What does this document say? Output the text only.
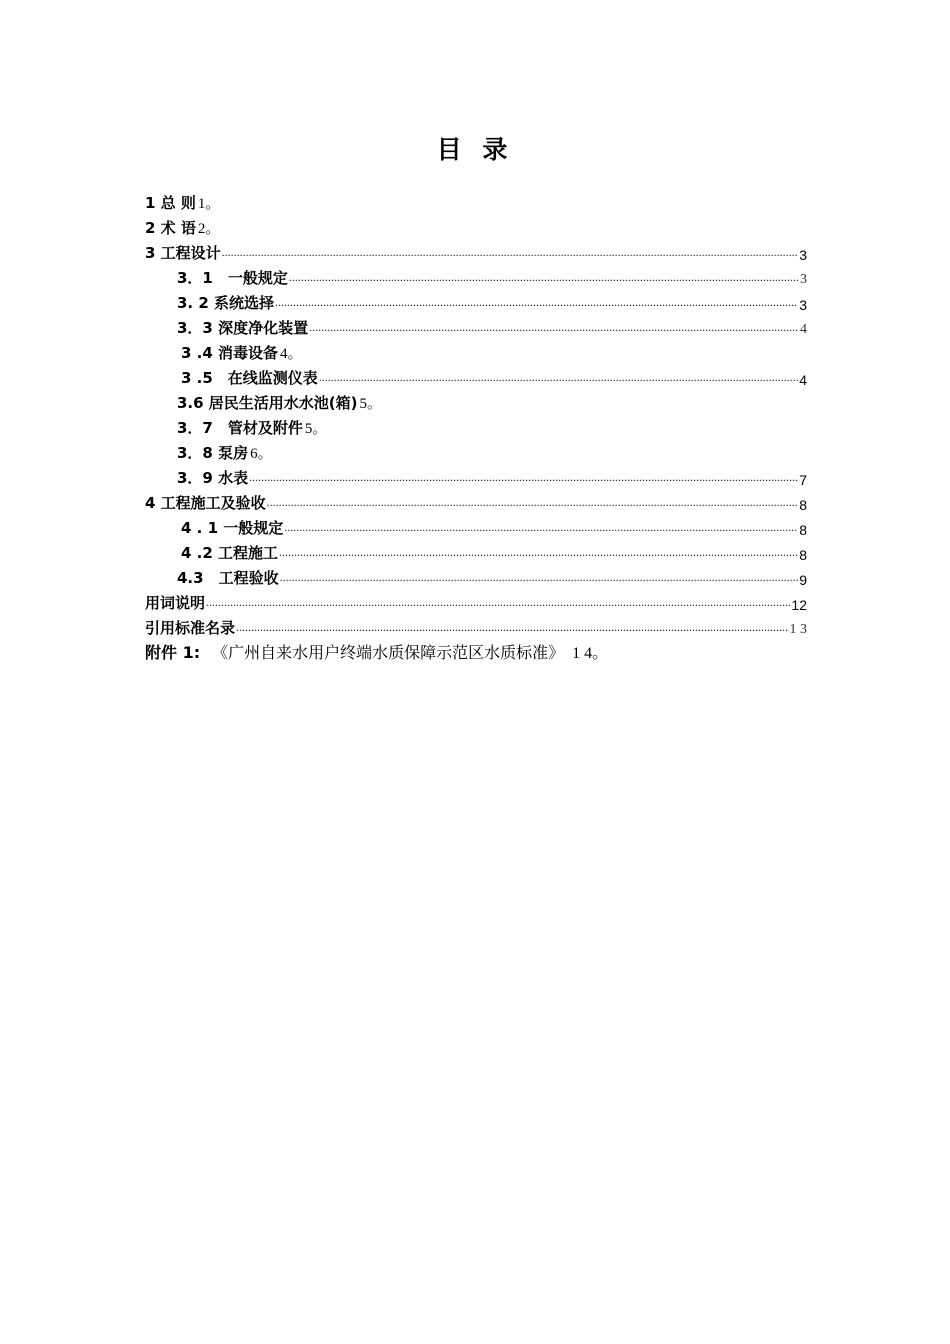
目 录
1 总 则 1。
2 术 语 2。
3 工程设计 .....	3
3．1　一般规定 .....	3
3. 2 系统选择 .....	3
3．3 深度净化装置 .....	4
3 .4 消毒设备 4。
3 .5　在线监测仪表 .....	4
3.6 居民生活用水水池(箱) 5。
3．7　管材及附件 5。
3．8 泵房 6。
3．9 水表 .....	7
4 工程施工及验收 .....	8
4 . 1 一般规定 .....	8
4 .2 工程施工 .....	8
4.3　工程验收 .....	9
用词说明 .....	12
引用标准名录 .....	1 3
附件 1: 《广州自来水用户终端水质保障示范区水质标准》 1 4。
